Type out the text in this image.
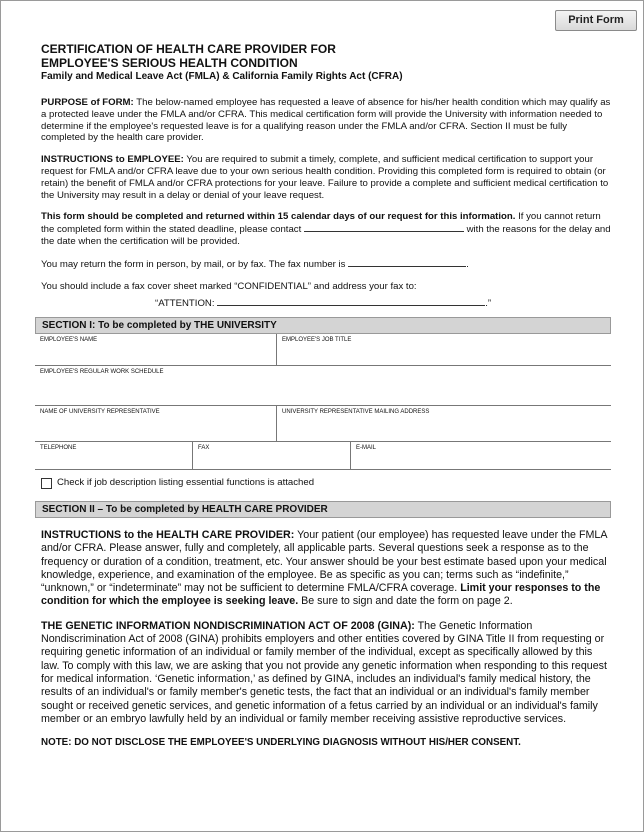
Print Form
CERTIFICATION OF HEALTH CARE PROVIDER FOR
EMPLOYEE'S SERIOUS HEALTH CONDITION
Family and Medical Leave Act (FMLA) & California Family Rights Act (CFRA)

PURPOSE of FORM: The below-named employee has requested a leave of absence for his/her health condition which may qualify as a protected leave under the FMLA and/or CFRA. This medical certification form will provide the University with information needed to determine if the employee's requested leave is for a qualifying reason under the FMLA and/or CFRA. Section II must be fully completed by the health care provider.

INSTRUCTIONS to EMPLOYEE: You are required to submit a timely, complete, and sufficient medical certification to support your request for FMLA and/or CFRA leave due to your own serious health condition. Providing this completed form is required to obtain (or retain) the benefit of FMLA and/or CFRA protections for your leave. Failure to provide a complete and sufficient medical certification to the University may result in a delay or denial of your leave request.

This form should be completed and returned within 15 calendar days of our request for this information. If you cannot return the completed form within the stated deadline, please contact	with the reasons for the delay and the date when the certification will be provided.

You may return the form in person, by mail, or by fax. The fax number is	.

You should include a fax cover sheet marked “CONFIDENTIAL” and address your fax to:

“ATTENTION:	.”
SECTION I: To be completed by THE UNIVERSITY
EMPLOYEE'S NAME	EMPLOYEE'S JOB TITLE
EMPLOYEE'S REGULAR WORK SCHEDULE
NAME OF UNIVERSITY REPRESENTATIVE	UNIVERSITY REPRESENTATIVE MAILING ADDRESS
TELEPHONE	FAX	E-MAIL
Check if job description listing essential functions is attached
SECTION II – To be completed by HEALTH CARE PROVIDER

INSTRUCTIONS to the HEALTH CARE PROVIDER: Your patient (our employee) has requested leave under the FMLA and/or CFRA. Please answer, fully and completely, all applicable parts. Several questions seek a response as to the frequency or duration of a condition, treatment, etc. Your answer should be your best estimate based upon your medical knowledge, experience, and examination of the employee. Be as specific as you can; terms such as “indefinite,” “unknown,” or “indeterminate” may not be sufficient to determine FMLA/CFRA coverage. Limit your responses to the condition for which the employee is seeking leave. Be sure to sign and date the form on page 2.

THE GENETIC INFORMATION NONDISCRIMINATION ACT OF 2008 (GINA): The Genetic Information Nondiscrimination Act of 2008 (GINA) prohibits employers and other entities covered by GINA Title II from requesting or requiring genetic information of an individual or family member of the individual, except as specifically allowed by this law. To comply with this law, we are asking that you not provide any genetic information when responding to this request for medical information. ‘Genetic information,’ as defined by GINA, includes an individual's family medical history, the results of an individual's or family member's genetic tests, the fact that an individual or an individual's family member sought or received genetic services, and genetic information of a fetus carried by an individual or an individual's family member or an embryo lawfully held by an individual or family member receiving assistive reproductive services.

NOTE: DO NOT DISCLOSE THE EMPLOYEE'S UNDERLYING DIAGNOSIS WITHOUT HIS/HER CONSENT.
